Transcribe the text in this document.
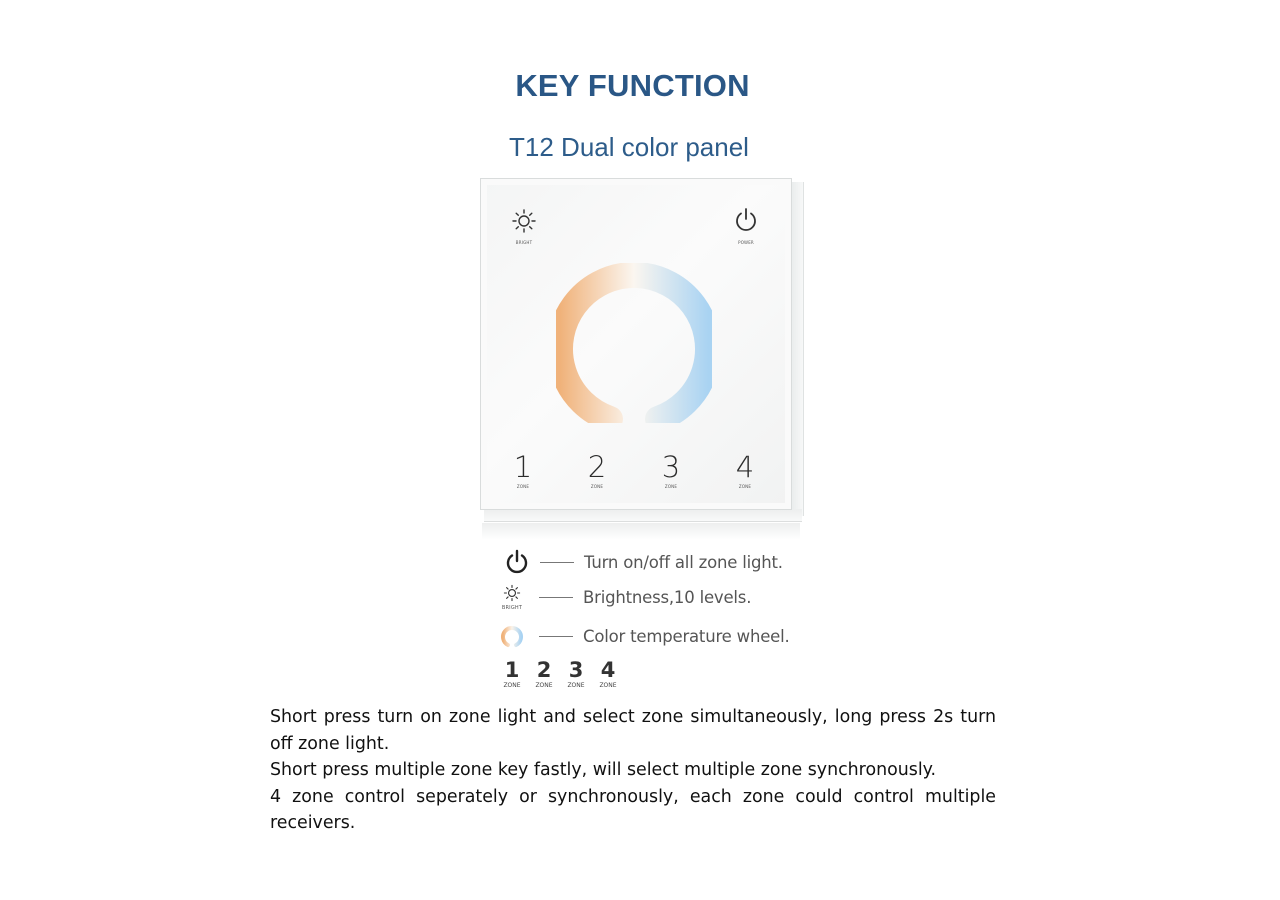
KEY FUNCTION
T12 Dual color panel
BRIGHT	POWER
1
ZONE
2
ZONE
3
ZONE
4
ZONE
Turn on/off all zone light.
BRIGHT
Brightness,10 levels.
Color temperature wheel.
1
ZONE
2
ZONE
3
ZONE
4
ZONE

Short press turn on zone light and select zone simultaneously, long press 2s turn off zone light.

Short press multiple zone key fastly, will select multiple zone synchronously.

4 zone control seperately or synchronously, each zone could control multiple receivers.
